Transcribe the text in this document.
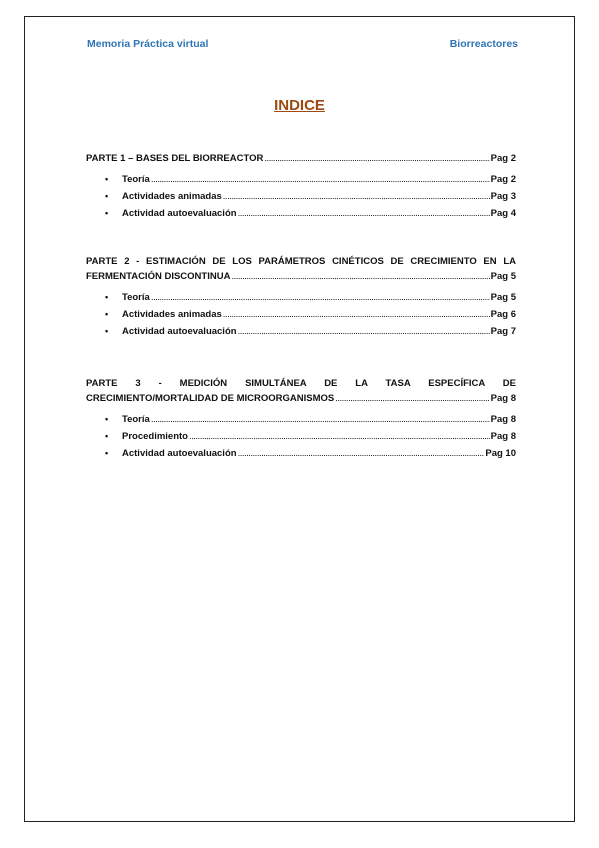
Memoria Práctica virtual	Biorreactores
INDICE
PARTE 1 – BASES DEL BIORREACTOR .....	Pag 2
• Teoría .....	Pag 2
• Actividades animadas .....	Pag 3
• Actividad autoevaluación .....	Pag 4
PARTE 2 - ESTIMACIÓN DE LOS PARÁMETROS CINÉTICOS DE CRECIMIENTO EN LA
FERMENTACIÓN DISCONTINUA .....	Pag 5
• Teoría .....	Pag 5
• Actividades animadas .....	Pag 6
• Actividad autoevaluación .....	Pag 7
PARTE 3 - MEDICIÓN SIMULTÁNEA DE LA TASA ESPECÍFICA DE
CRECIMIENTO/MORTALIDAD DE MICROORGANISMOS .....	Pag 8
• Teoría .....	Pag 8
• Procedimiento .....	Pag 8
• Actividad autoevaluación .....	Pag 10
